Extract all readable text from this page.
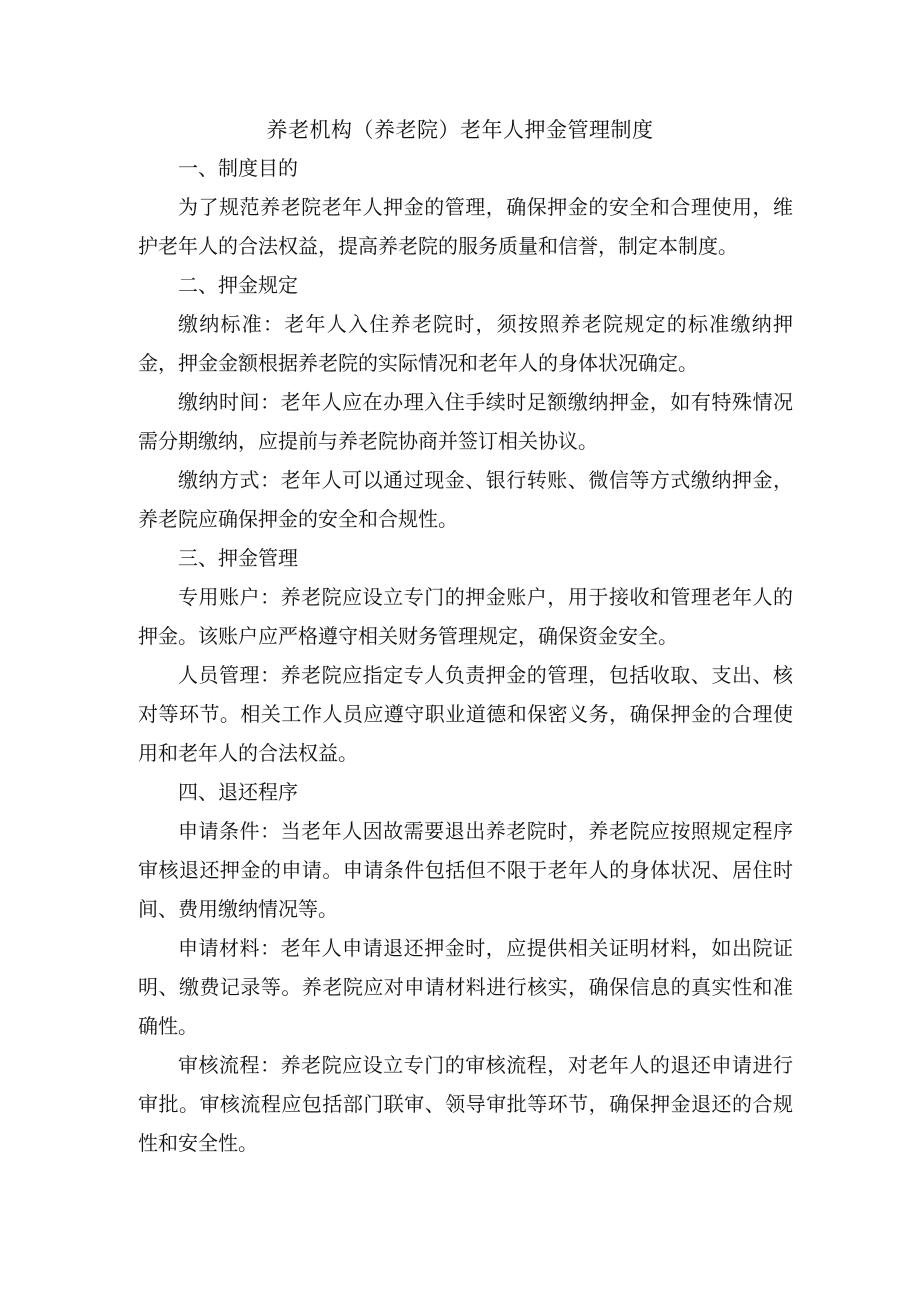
养老机构（养老院）老年人押金管理制度

一、制度目的

为了规范养老院老年人押金的管理，确保押金的安全和合理使用，维护老年人的合法权益，提高养老院的服务质量和信誉，制定本制度。

二、押金规定

缴纳标准：老年人入住养老院时，须按照养老院规定的标准缴纳押金，押金金额根据养老院的实际情况和老年人的身体状况确定。

缴纳时间：老年人应在办理入住手续时足额缴纳押金，如有特殊情况需分期缴纳，应提前与养老院协商并签订相关协议。

缴纳方式：老年人可以通过现金、银行转账、微信等方式缴纳押金，养老院应确保押金的安全和合规性。

三、押金管理

专用账户：养老院应设立专门的押金账户，用于接收和管理老年人的押金。该账户应严格遵守相关财务管理规定，确保资金安全。

人员管理：养老院应指定专人负责押金的管理，包括收取、支出、核对等环节。相关工作人员应遵守职业道德和保密义务，确保押金的合理使用和老年人的合法权益。

四、退还程序

申请条件：当老年人因故需要退出养老院时，养老院应按照规定程序审核退还押金的申请。申请条件包括但不限于老年人的身体状况、居住时间、费用缴纳情况等。

申请材料：老年人申请退还押金时，应提供相关证明材料，如出院证明、缴费记录等。养老院应对申请材料进行核实，确保信息的真实性和准确性。

审核流程：养老院应设立专门的审核流程，对老年人的退还申请进行审批。审核流程应包括部门联审、领导审批等环节，确保押金退还的合规性和安全性。
